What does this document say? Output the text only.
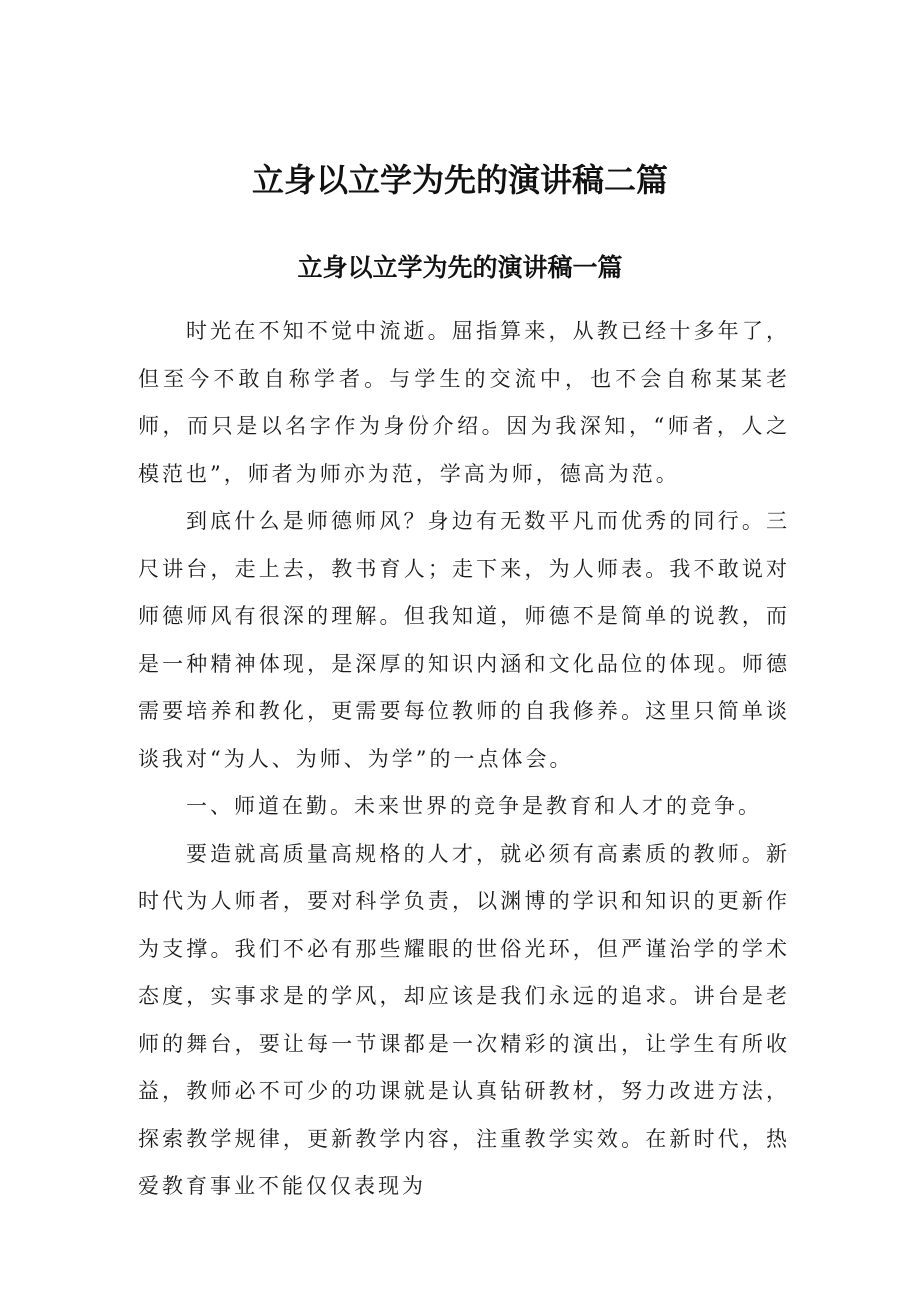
立身以立学为先的演讲稿二篇
立身以立学为先的演讲稿一篇

时光在不知不觉中流逝。屈指算来，从教已经十多年了，但至今不敢自称学者。与学生的交流中，也不会自称某某老师，而只是以名字作为身份介绍。因为我深知，“师者，人之模范也”，师者为师亦为范，学高为师，德高为范。

到底什么是师德师风？身边有无数平凡而优秀的同行。三尺讲台，走上去，教书育人；走下来，为人师表。我不敢说对师德师风有很深的理解。但我知道，师德不是简单的说教，而是一种精神体现，是深厚的知识内涵和文化品位的体现。师德需要培养和教化，更需要每位教师的自我修养。这里只简单谈谈我对“为人、为师、为学”的一点体会。

一、师道在勤。未来世界的竞争是教育和人才的竞争。

要造就高质量高规格的人才，就必须有高素质的教师。新时代为人师者，要对科学负责，以渊博的学识和知识的更新作为支撑。我们不必有那些耀眼的世俗光环，但严谨治学的学术态度，实事求是的学风，却应该是我们永远的追求。讲台是老师的舞台，要让每一节课都是一次精彩的演出，让学生有所收益，教师必不可少的功课就是认真钻研教材，努力改进方法，探索教学规律，更新教学内容，注重教学实效。在新时代，热爱教育事业不能仅仅表现为
